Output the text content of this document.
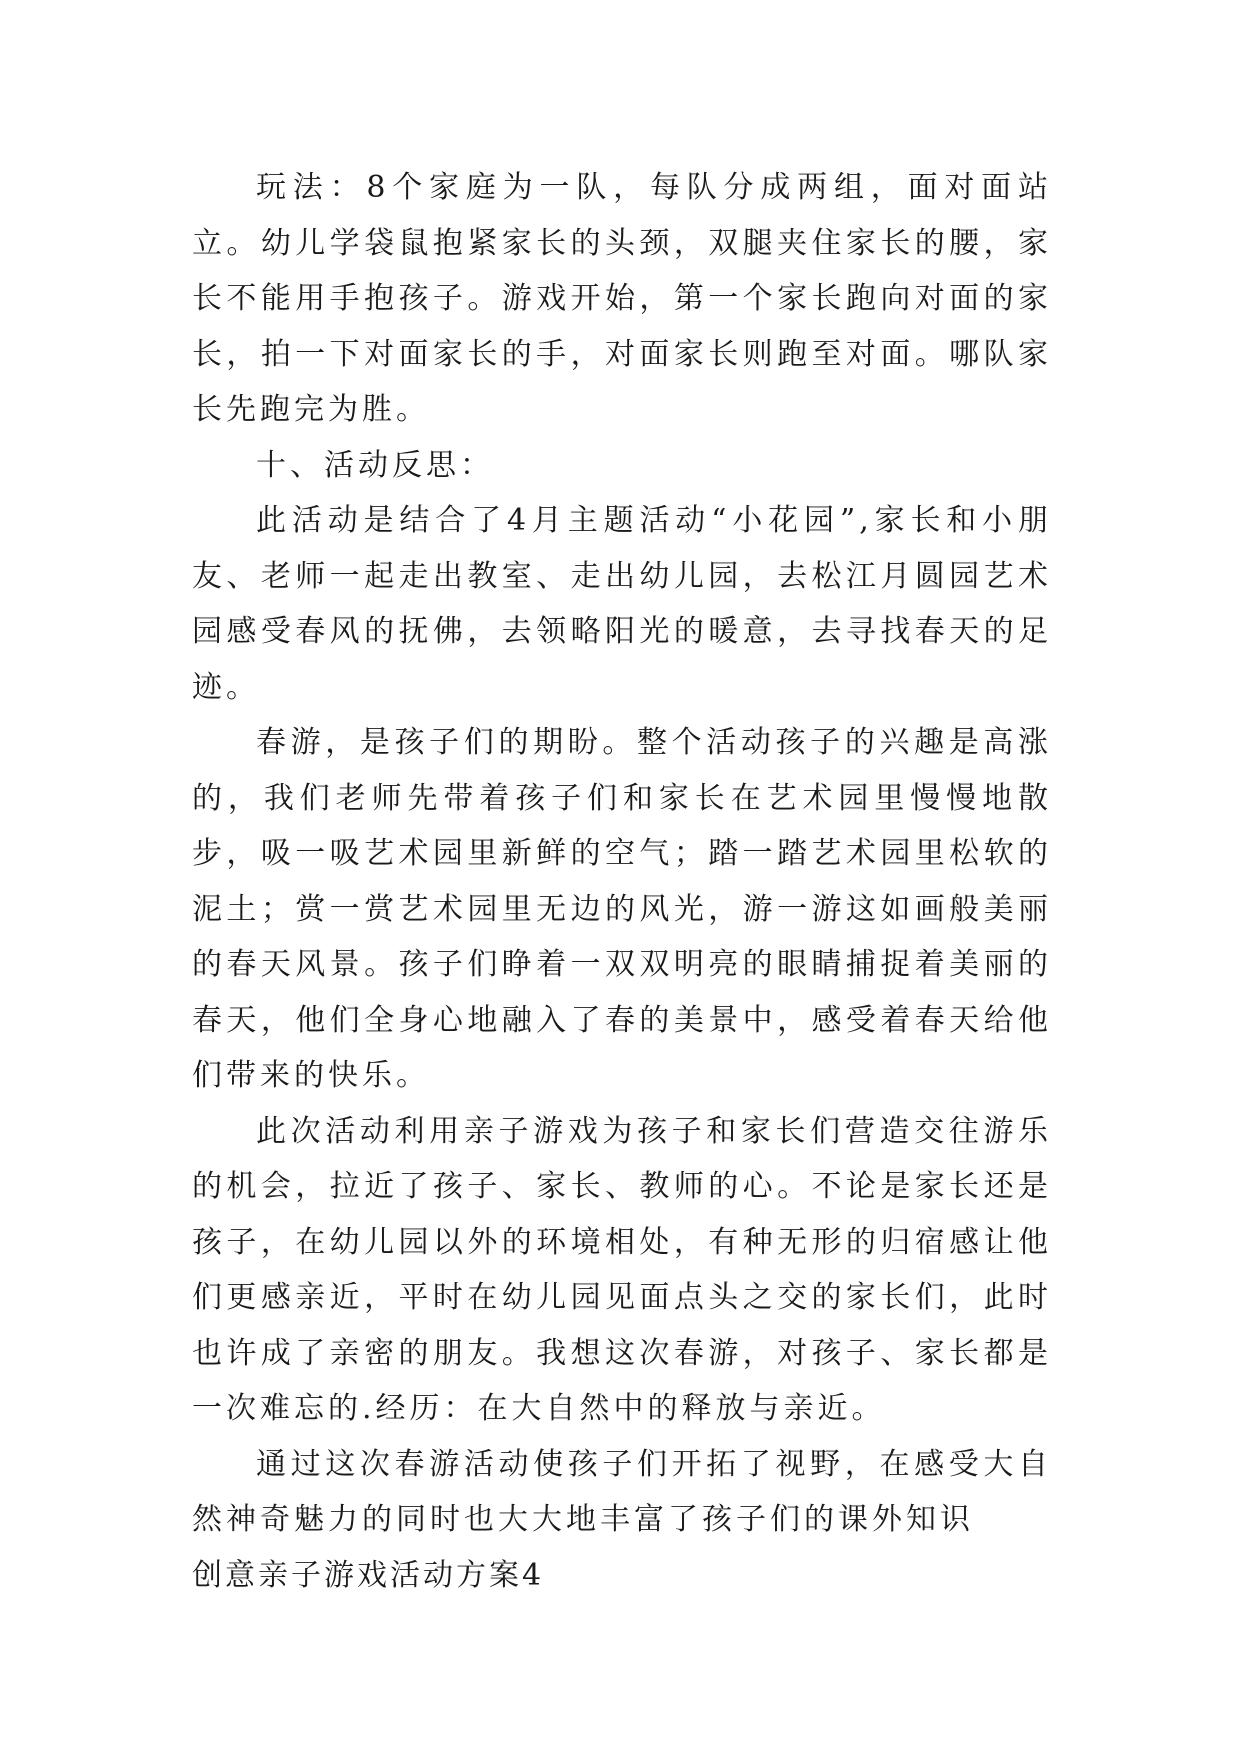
玩法：8个家庭为一队，每队分成两组，面对面站立。幼儿学袋鼠抱紧家长的头颈，双腿夹住家长的腰，家长不能用手抱孩子。游戏开始，第一个家长跑向对面的家长，拍一下对面家长的手，对面家长则跑至对面。哪队家长先跑完为胜。

十、活动反思：

此活动是结合了4月主题活动“小花园”,家长和小朋友、老师一起走出教室、走出幼儿园，去松江月圆园艺术园感受春风的抚佛，去领略阳光的暖意，去寻找春天的足迹。

春游，是孩子们的期盼。整个活动孩子的兴趣是高涨的，我们老师先带着孩子们和家长在艺术园里慢慢地散步，吸一吸艺术园里新鲜的空气；踏一踏艺术园里松软的泥土；赏一赏艺术园里无边的风光，游一游这如画般美丽的春天风景。孩子们睁着一双双明亮的眼睛捕捉着美丽的春天，他们全身心地融入了春的美景中，感受着春天给他们带来的快乐。

此次活动利用亲子游戏为孩子和家长们营造交往游乐的机会，拉近了孩子、家长、教师的心。不论是家长还是孩子，在幼儿园以外的环境相处，有种无形的归宿感让他们更感亲近，平时在幼儿园见面点头之交的家长们，此时也许成了亲密的朋友。我想这次春游，对孩子、家长都是一次难忘的.经历：在大自然中的释放与亲近。

通过这次春游活动使孩子们开拓了视野，在感受大自然神奇魅力的同时也大大地丰富了孩子们的课外知识

创意亲子游戏活动方案4
